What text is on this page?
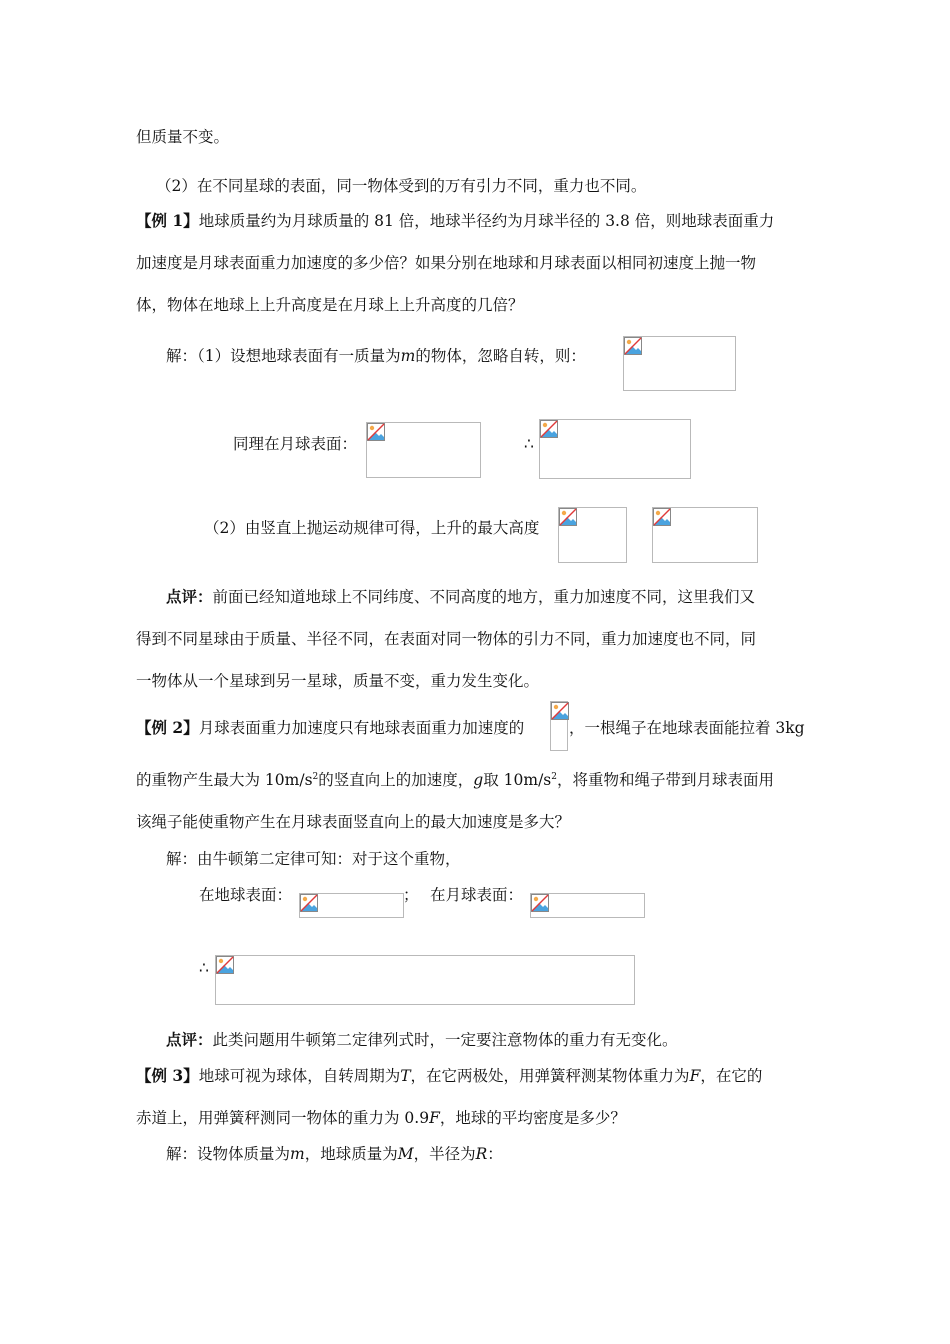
但质量不变。
（2）在不同星球的表面，同一物体受到的万有引力不同，重力也不同。
【例 1】地球质量约为月球质量的 81 倍，地球半径约为月球半径的 3.8 倍，则地球表面重力
加速度是月球表面重力加速度的多少倍？如果分别在地球和月球表面以相同初速度上抛一物
体，物体在地球上上升高度是在月球上上升高度的几倍？
解：（1）设想地球表面有一质量为m的物体，忽略自转，则：
同理在月球表面：	∴
（2）由竖直上抛运动规律可得，上升的最大高度
点评：前面已经知道地球上不同纬度、不同高度的地方，重力加速度不同，这里我们又
得到不同星球由于质量、半径不同，在表面对同一物体的引力不同，重力加速度也不同，同
一物体从一个星球到另一星球，质量不变，重力发生变化。
【例 2】月球表面重力加速度只有地球表面重力加速度的	，一根绳子在地球表面能拉着 3kg
的重物产生最大为 $10m/s^2$的竖直向上的加速度，g取 $10m/s^2$，将重物和绳子带到月球表面用
该绳子能使重物产生在月球表面竖直向上的最大加速度是多大？
解：由牛顿第二定律可知：对于这个重物，
在地球表面：	； 在月球表面：
∴
点评：此类问题用牛顿第二定律列式时，一定要注意物体的重力有无变化。
【例 3】地球可视为球体，自转周期为T，在它两极处，用弹簧秤测某物体重力为F，在它的
赤道上，用弹簧秤测同一物体的重力为 0.9F，地球的平均密度是多少？
解：设物体质量为m，地球质量为M，半径为R：
